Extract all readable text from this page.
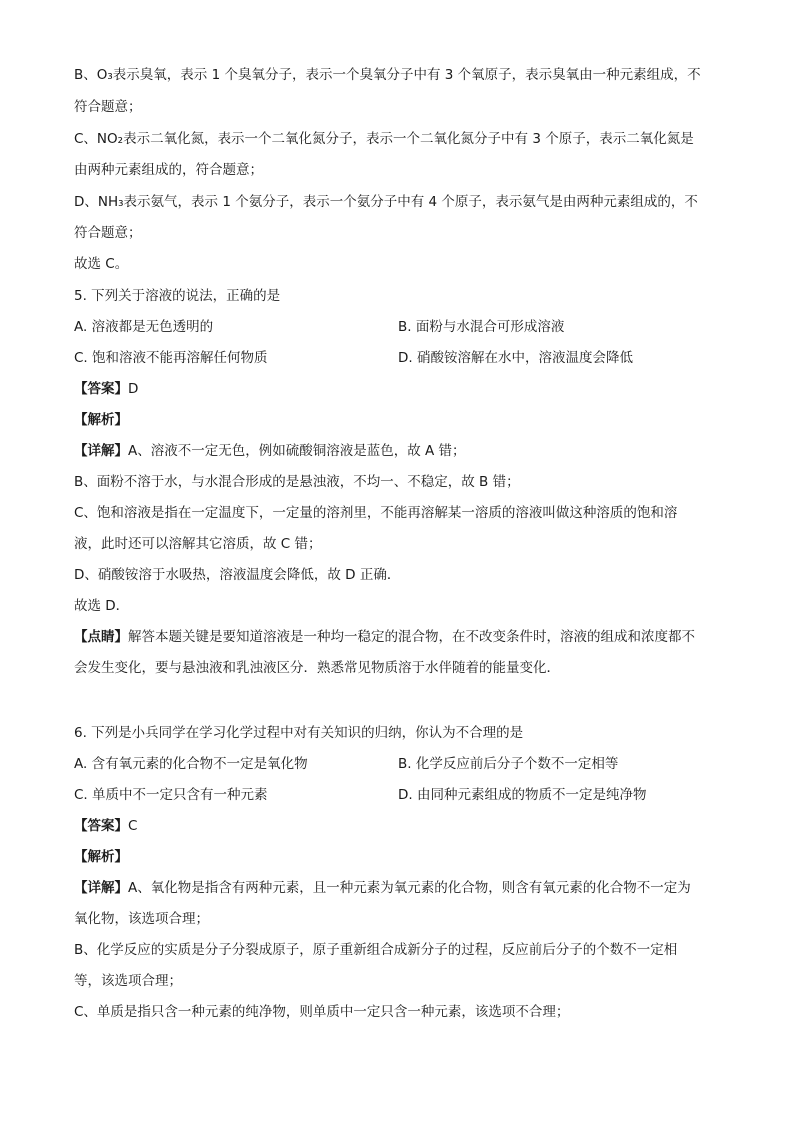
B、O₃表示臭氧，表示 1 个臭氧分子，表示一个臭氧分子中有 3 个氧原子，表示臭氧由一种元素组成，不
符合题意；
C、NO₂表示二氧化氮，表示一个二氧化氮分子，表示一个二氧化氮分子中有 3 个原子，表示二氧化氮是
由两种元素组成的，符合题意；
D、NH₃表示氨气，表示 1 个氨分子，表示一个氨分子中有 4 个原子，表示氨气是由两种元素组成的，不
符合题意；
故选 C。
5. 下列关于溶液的说法，正确的是
A. 溶液都是无色透明的	B. 面粉与水混合可形成溶液
C. 饱和溶液不能再溶解任何物质	D. 硝酸铵溶解在水中，溶液温度会降低
【答案】D
【解析】
【详解】A、溶液不一定无色，例如硫酸铜溶液是蓝色，故 A 错；
B、面粉不溶于水，与水混合形成的是悬浊液，不均一、不稳定，故 B 错；
C、饱和溶液是指在一定温度下，一定量的溶剂里，不能再溶解某一溶质的溶液叫做这种溶质的饱和溶
液，此时还可以溶解其它溶质，故 C 错；
D、硝酸铵溶于水吸热，溶液温度会降低，故 D 正确．
故选 D．
【点睛】解答本题关键是要知道溶液是一种均一稳定的混合物，在不改变条件时，溶液的组成和浓度都不
会发生变化，要与悬浊液和乳浊液区分．熟悉常见物质溶于水伴随着的能量变化．
6. 下列是小兵同学在学习化学过程中对有关知识的归纳，你认为不合理的是
A. 含有氧元素的化合物不一定是氧化物	B. 化学反应前后分子个数不一定相等
C. 单质中不一定只含有一种元素	D. 由同种元素组成的物质不一定是纯净物
【答案】C
【解析】
【详解】A、氧化物是指含有两种元素，且一种元素为氧元素的化合物，则含有氧元素的化合物不一定为
氧化物，该选项合理；
B、化学反应的实质是分子分裂成原子，原子重新组合成新分子的过程，反应前后分子的个数不一定相
等，该选项合理；
C、单质是指只含一种元素的纯净物，则单质中一定只含一种元素，该选项不合理；
